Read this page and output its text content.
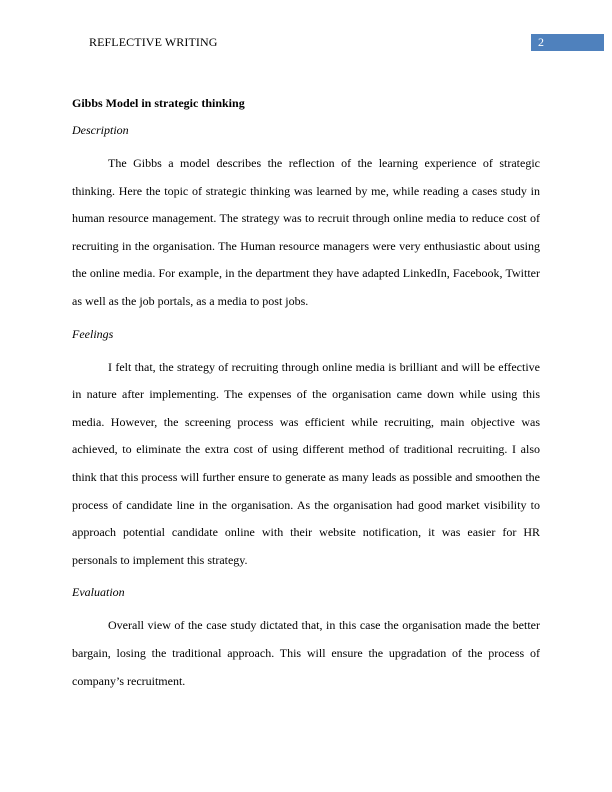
REFLECTIVE WRITING	2
Gibbs Model in strategic thinking
Description

The Gibbs a model describes the reflection of the learning experience of strategic thinking. Here the topic of strategic thinking was learned by me, while reading a cases study in human resource management. The strategy was to recruit through online media to reduce cost of recruiting in the organisation. The Human resource managers were very enthusiastic about using the online media. For example, in the department they have adapted LinkedIn, Facebook, Twitter as well as the job portals, as a media to post jobs.

Feelings

I felt that, the strategy of recruiting through online media is brilliant and will be effective in nature after implementing. The expenses of the organisation came down while using this media. However, the screening process was efficient while recruiting, main objective was achieved, to eliminate the extra cost of using different method of traditional recruiting. I also think that this process will further ensure to generate as many leads as possible and smoothen the process of candidate line in the organisation. As the organisation had good market visibility to approach potential candidate online with their website notification, it was easier for HR personals to implement this strategy.

Evaluation

Overall view of the case study dictated that, in this case the organisation made the better bargain, losing the traditional approach. This will ensure the upgradation of the process of company’s recruitment.
